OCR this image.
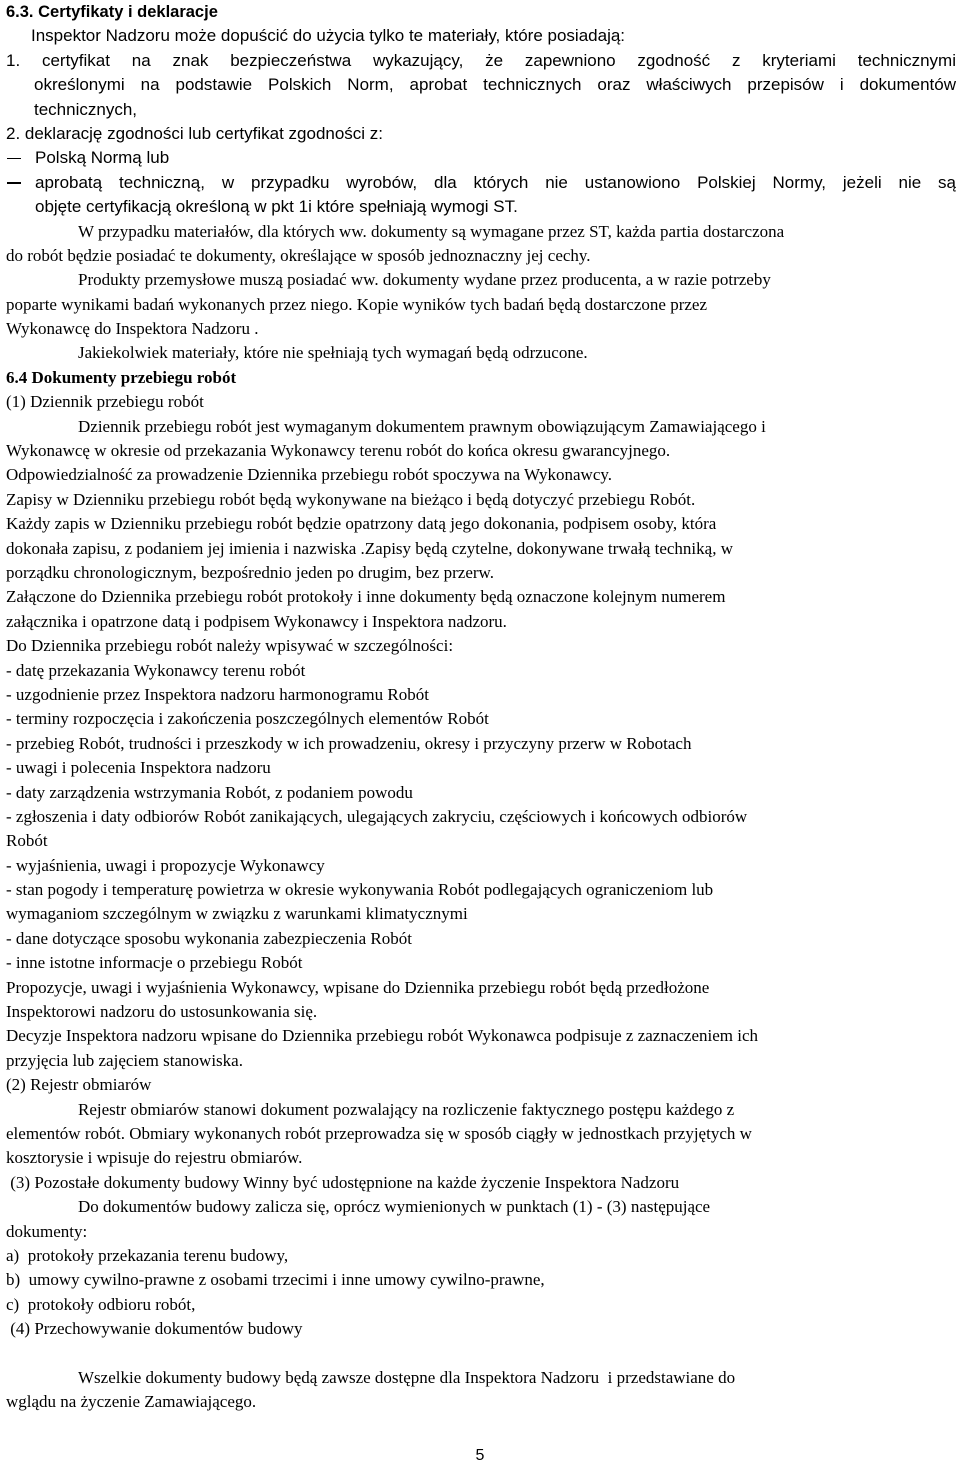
6.3. Certyfikaty i deklaracje
Inspektor Nadzoru może dopuścić do użycia tylko te materiały, które posiadają:
1. certyfikat na znak bezpieczeństwa wykazujący, że zapewniono zgodność z kryteriami technicznymi
określonymi na podstawie Polskich Norm, aprobat technicznych oraz właściwych przepisów i dokumentów
technicznych,
2. deklarację zgodności lub certyfikat zgodności z:
Polską Normą lub
aprobatą techniczną, w przypadku wyrobów, dla których nie ustanowiono Polskiej Normy, jeżeli nie są
objęte certyfikacją określoną w pkt 1i które spełniają wymogi ST.
W przypadku materiałów, dla których ww. dokumenty są wymagane przez ST, każda partia dostarczona
do robót będzie posiadać te dokumenty, określające w sposób jednoznaczny jej cechy.
Produkty przemysłowe muszą posiadać ww. dokumenty wydane przez producenta, a w razie potrzeby
poparte wynikami badań wykonanych przez niego. Kopie wyników tych badań będą dostarczone przez
Wykonawcę do Inspektora Nadzoru .
Jakiekolwiek materiały, które nie spełniają tych wymagań będą odrzucone.
6.4 Dokumenty przebiegu robót
(1) Dziennik przebiegu robót
Dziennik przebiegu robót jest wymaganym dokumentem prawnym obowiązującym Zamawiającego i
Wykonawcę w okresie od przekazania Wykonawcy terenu robót do końca okresu gwarancyjnego.
Odpowiedzialność za prowadzenie Dziennika przebiegu robót spoczywa na Wykonawcy.
Zapisy w Dzienniku przebiegu robót będą wykonywane na bieżąco i będą dotyczyć przebiegu Robót.
Każdy zapis w Dzienniku przebiegu robót będzie opatrzony datą jego dokonania, podpisem osoby, która
dokonała zapisu, z podaniem jej imienia i nazwiska .Zapisy będą czytelne, dokonywane trwałą techniką, w
porządku chronologicznym, bezpośrednio jeden po drugim, bez przerw.
Załączone do Dziennika przebiegu robót protokoły i inne dokumenty będą oznaczone kolejnym numerem
załącznika i opatrzone datą i podpisem Wykonawcy i Inspektora nadzoru.
Do Dziennika przebiegu robót należy wpisywać w szczególności:
- datę przekazania Wykonawcy terenu robót
- uzgodnienie przez Inspektora nadzoru harmonogramu Robót
- terminy rozpoczęcia i zakończenia poszczególnych elementów Robót
- przebieg Robót, trudności i przeszkody w ich prowadzeniu, okresy i przyczyny przerw w Robotach
- uwagi i polecenia Inspektora nadzoru
- daty zarządzenia wstrzymania Robót, z podaniem powodu
- zgłoszenia i daty odbiorów Robót zanikających, ulegających zakryciu, częściowych i końcowych odbiorów
Robót
- wyjaśnienia, uwagi i propozycje Wykonawcy
- stan pogody i temperaturę powietrza w okresie wykonywania Robót podlegających ograniczeniom lub
wymaganiom szczególnym w związku z warunkami klimatycznymi
- dane dotyczące sposobu wykonania zabezpieczenia Robót
- inne istotne informacje o przebiegu Robót
Propozycje, uwagi i wyjaśnienia Wykonawcy, wpisane do Dziennika przebiegu robót będą przedłożone
Inspektorowi nadzoru do ustosunkowania się.
Decyzje Inspektora nadzoru wpisane do Dziennika przebiegu robót Wykonawca podpisuje z zaznaczeniem ich
przyjęcia lub zajęciem stanowiska.
(2) Rejestr obmiarów
Rejestr obmiarów stanowi dokument pozwalający na rozliczenie faktycznego postępu każdego z
elementów robót. Obmiary wykonanych robót przeprowadza się w sposób ciągły w jednostkach przyjętych w
kosztorysie i wpisuje do rejestru obmiarów.
(3) Pozostałe dokumenty budowy Winny być udostępnione na każde życzenie Inspektora Nadzoru
Do dokumentów budowy zalicza się, oprócz wymienionych w punktach (1) - (3) następujące
dokumenty:
a)  protokoły przekazania terenu budowy,
b)  umowy cywilno-prawne z osobami trzecimi i inne umowy cywilno-prawne,
c)  protokoły odbioru robót,
(4) Przechowywanie dokumentów budowy
Wszelkie dokumenty budowy będą zawsze dostępne dla Inspektora Nadzoru  i przedstawiane do
wglądu na życzenie Zamawiającego.
5
